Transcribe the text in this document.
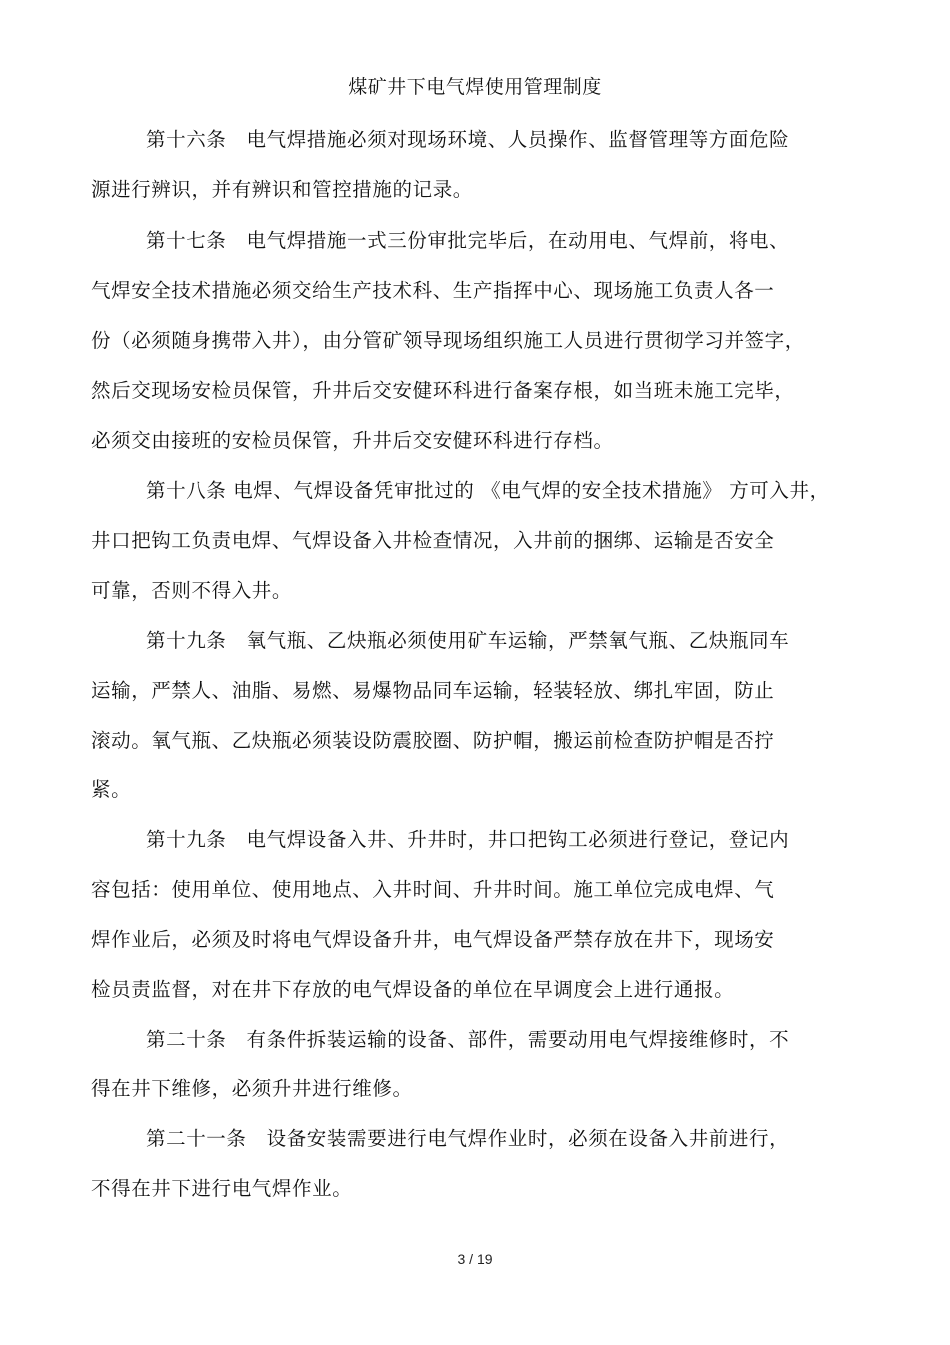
煤矿井下电气焊使用管理制度
第十六条　电气焊措施必须对现场环境、人员操作、监督管理等方面危险
源进行辨识，并有辨识和管控措施的记录。
第十七条　电气焊措施一式三份审批完毕后，在动用电、气焊前，将电、
气焊安全技术措施必须交给生产技术科、生产指挥中心、现场施工负责人各一
份（必须随身携带入井），由分管矿领导现场组织施工人员进行贯彻学习并签字，
然后交现场安检员保管，升井后交安健环科进行备案存根，如当班未施工完毕，
必须交由接班的安检员保管，升井后交安健环科进行存档。
第十八条 电焊、气焊设备凭审批过的 《电气焊的安全技术措施》 方可入井，
井口把钩工负责电焊、气焊设备入井检查情况，入井前的捆绑、运输是否安全
可靠，否则不得入井。
第十九条　氧气瓶、乙炔瓶必须使用矿车运输，严禁氧气瓶、乙炔瓶同车
运输，严禁人、油脂、易燃、易爆物品同车运输，轻装轻放、绑扎牢固，防止
滚动。氧气瓶、乙炔瓶必须装设防震胶圈、防护帽，搬运前检查防护帽是否拧
紧。
第十九条　电气焊设备入井、升井时，井口把钩工必须进行登记，登记内
容包括：使用单位、使用地点、入井时间、升井时间。施工单位完成电焊、气
焊作业后，必须及时将电气焊设备升井，电气焊设备严禁存放在井下，现场安
检员责监督，对在井下存放的电气焊设备的单位在早调度会上进行通报。
第二十条　有条件拆装运输的设备、部件，需要动用电气焊接维修时，不
得在井下维修，必须升井进行维修。
第二十一条　设备安装需要进行电气焊作业时，必须在设备入井前进行，
不得在井下进行电气焊作业。
3 / 19
